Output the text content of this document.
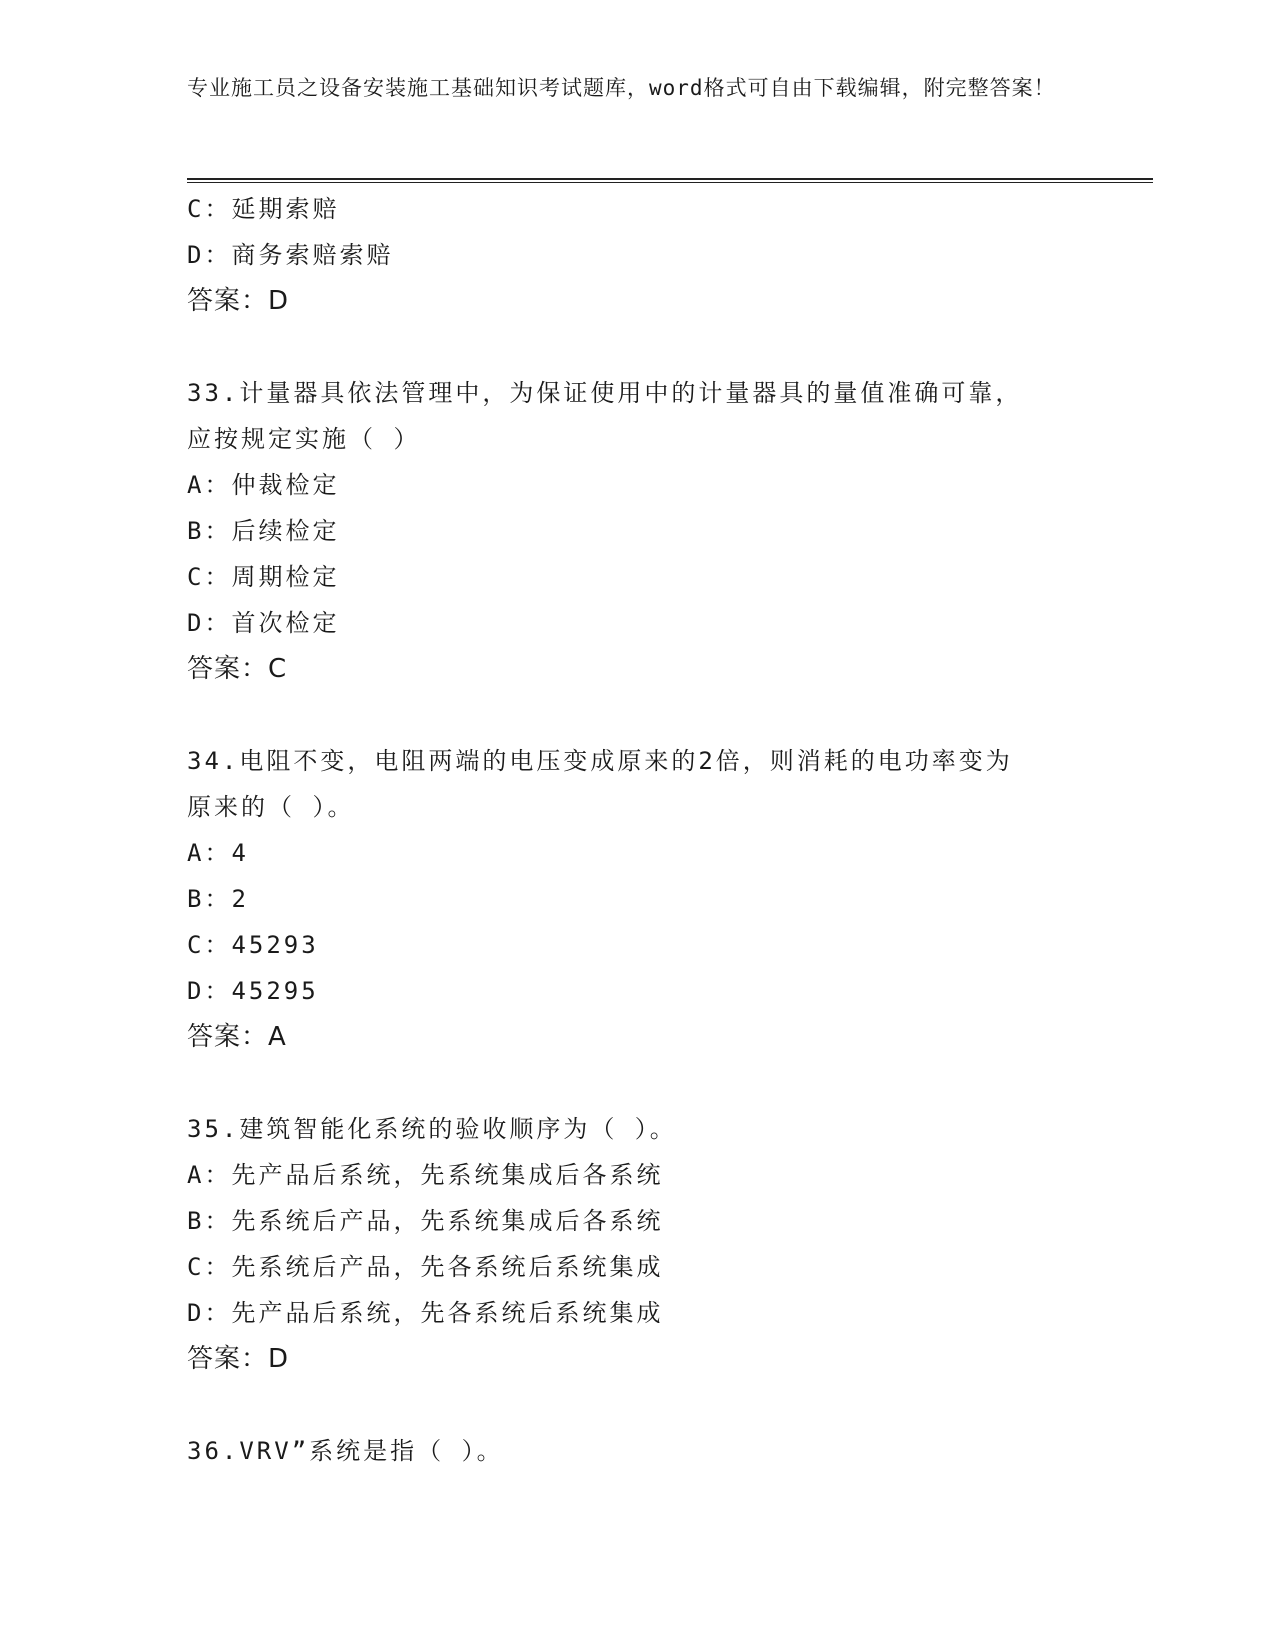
专业施工员之设备安装施工基础知识考试题库，word格式可自由下载编辑，附完整答案！
C：延期索赔
D：商务索赔索赔
答案：D
33.计量器具依法管理中，为保证使用中的计量器具的量值准确可靠，
应按规定实施（ ）
A：仲裁检定
B：后续检定
C：周期检定
D：首次检定
答案：C
34.电阻不变，电阻两端的电压变成原来的2倍，则消耗的电功率变为
原来的（ ）。
A：4
B：2
C：45293
D：45295
答案：A
35.建筑智能化系统的验收顺序为（ ）。
A：先产品后系统，先系统集成后各系统
B：先系统后产品，先系统集成后各系统
C：先系统后产品，先各系统后系统集成
D：先产品后系统，先各系统后系统集成
答案：D
36.VRV”系统是指（ ）。
